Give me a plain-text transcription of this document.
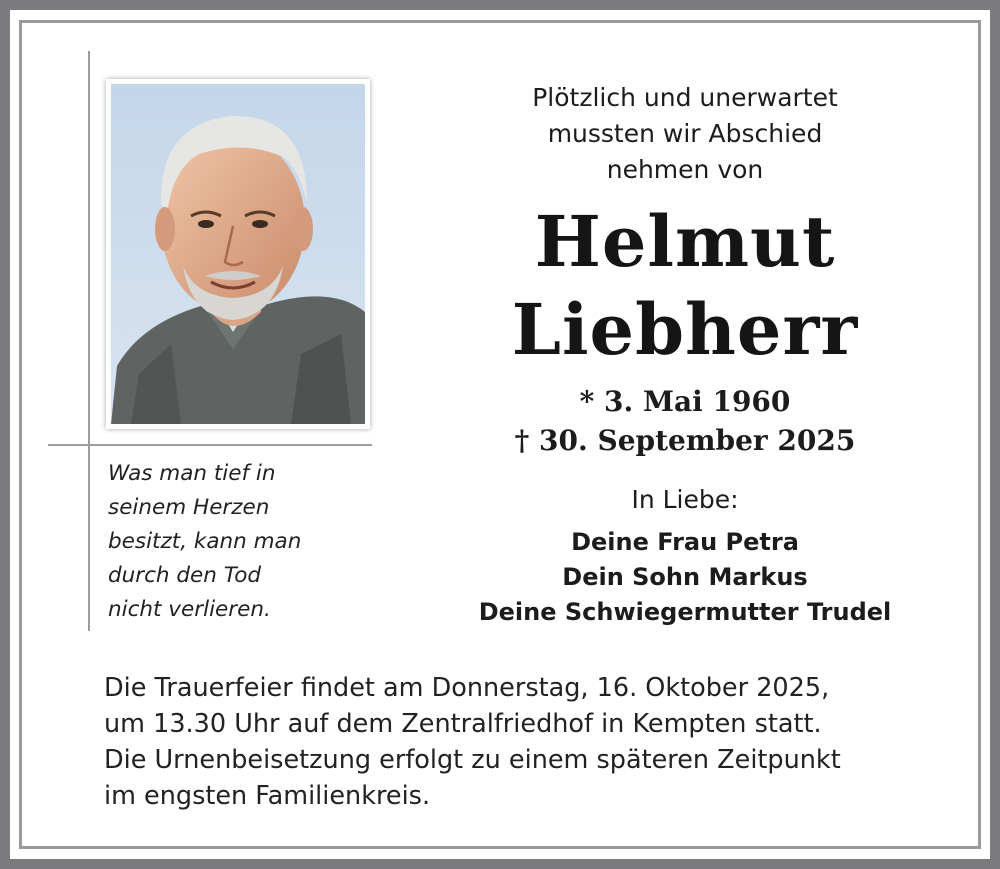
Was man tief in
seinem Herzen
besitzt, kann man
durch den Tod
nicht verlieren.
Plötzlich und unerwartet
mussten wir Abschied
nehmen von
Helmut
Liebherr
* 3. Mai 1960
† 30. September 2025
In Liebe:
Deine Frau Petra
Dein Sohn Markus
Deine Schwiegermutter Trudel
Die Trauerfeier findet am Donnerstag, 16. Oktober 2025,
um 13.30 Uhr auf dem Zentralfriedhof in Kempten statt.
Die Urnenbeisetzung erfolgt zu einem späteren Zeitpunkt
im engsten Familienkreis.
